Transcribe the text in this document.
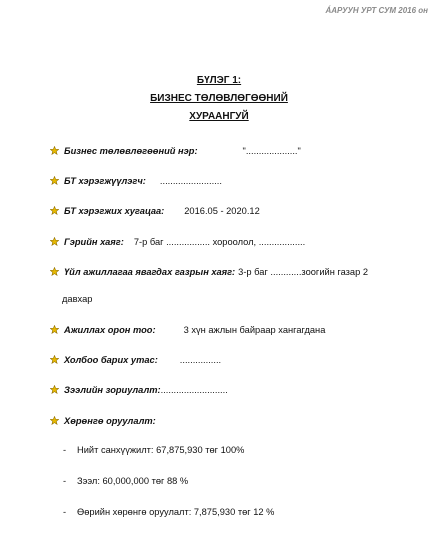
ÁАРУУН УРТ СУМ 2016 он
БҮЛЭГ 1:
БИЗНЕС ТӨЛӨВЛӨГӨӨНИЙ
ХУРААНГУЙ
Бизнес төлөвлөгөөний нэр:	"...................."
БТ хэрэгжүүлэгч: ........................
БТ хэрэгжих хугацаа: 2016.05 - 2020.12
Гэрийн хаяг: 7-р баг ................. хороолол, ..................
Үйл ажиллагаа явагдах газрын хаяг: 3-р баг ............зоогийн газар 2
давхар
Ажиллах орон тоо:	3 хүн ажлын байраар хангагдана
Холбоо барих утас: ................
Зээлийн зориулалт:..........................
Хөрөнгө оруулалт:
- Нийт санхүүжилт: 67,875,930 төг 100%
- Зээл: 60,000,000 төг 88 %
- Өөрийн хөрөнгө оруулалт: 7,875,930 төг 12 %
